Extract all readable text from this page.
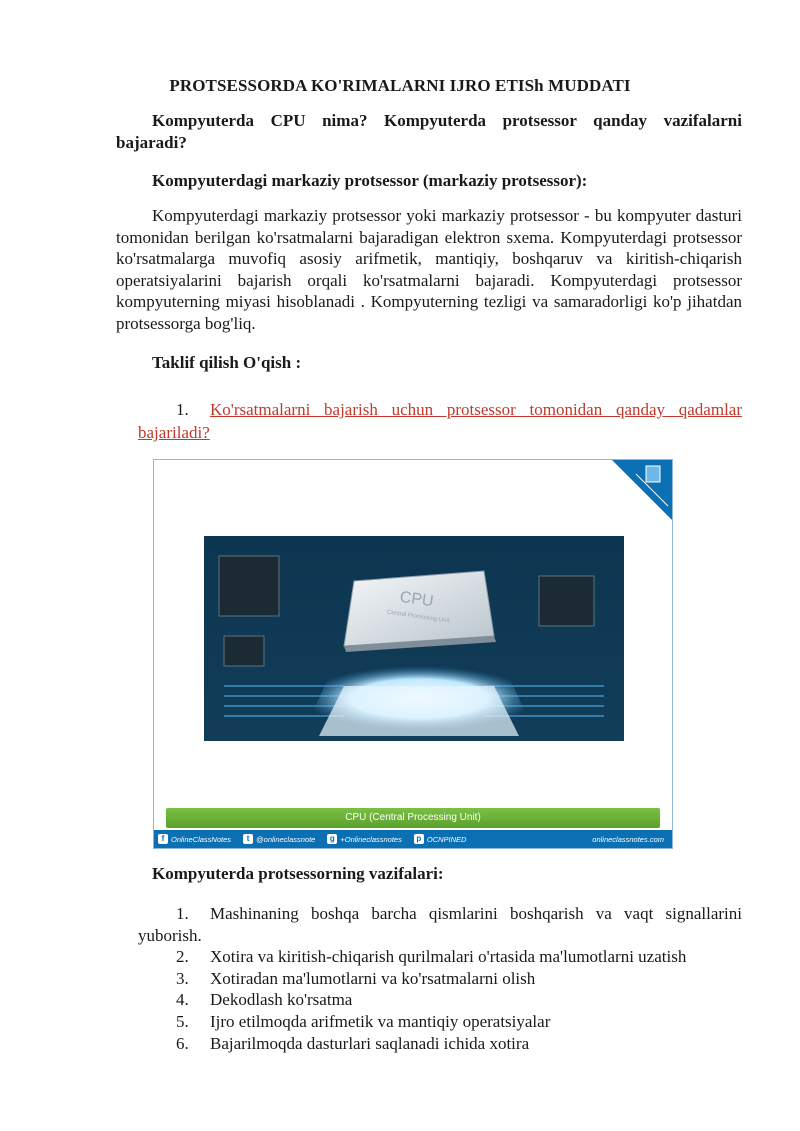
PROTSESSORDA KO'RIMALARNI IJRO ETISh MUDDATI

Kompyuterda CPU nima? Kompyuterda protsessor qanday vazifalarni bajaradi?

Kompyuterdagi markaziy protsessor (markaziy protsessor):

Kompyuterdagi markaziy protsessor yoki markaziy protsessor - bu kompyuter dasturi tomonidan berilgan ko'rsatmalarni bajaradigan elektron sxema. Kompyuterdagi protsessor ko'rsatmalarga muvofiq asosiy arifmetik, mantiqiy, boshqaruv va kiritish-chiqarish operatsiyalarini bajarish orqali ko'rsatmalarni bajaradi. Kompyuterdagi protsessor kompyuterning miyasi hisoblanadi . Kompyuterning tezligi va samaradorligi ko'p jihatdan protsessorga bog'liq.

Taklif qilish O'qish :

1. Ko'rsatmalarni bajarish uchun protsessor tomonidan qanday qadamlar bajariladi?

CPU
Central Processing Unit
CPU (Central Processing Unit)
f OnlineClassNotes	t @onlineclassnote	g +Onlineclassnotes	p OCNPINED	onlineclassnotes.com

Kompyuterda protsessorning vazifalari:

1. Mashinaning boshqa barcha qismlarini boshqarish va vaqt signallarini yuborish.
2. Xotira va kiritish-chiqarish qurilmalari o'rtasida ma'lumotlarni uzatish
3. Xotiradan ma'lumotlarni va ko'rsatmalarni olish
4. Dekodlash ko'rsatma
5. Ijro etilmoqda arifmetik va mantiqiy operatsiyalar
6. Bajarilmoqda dasturlari saqlanadi ichida xotira
